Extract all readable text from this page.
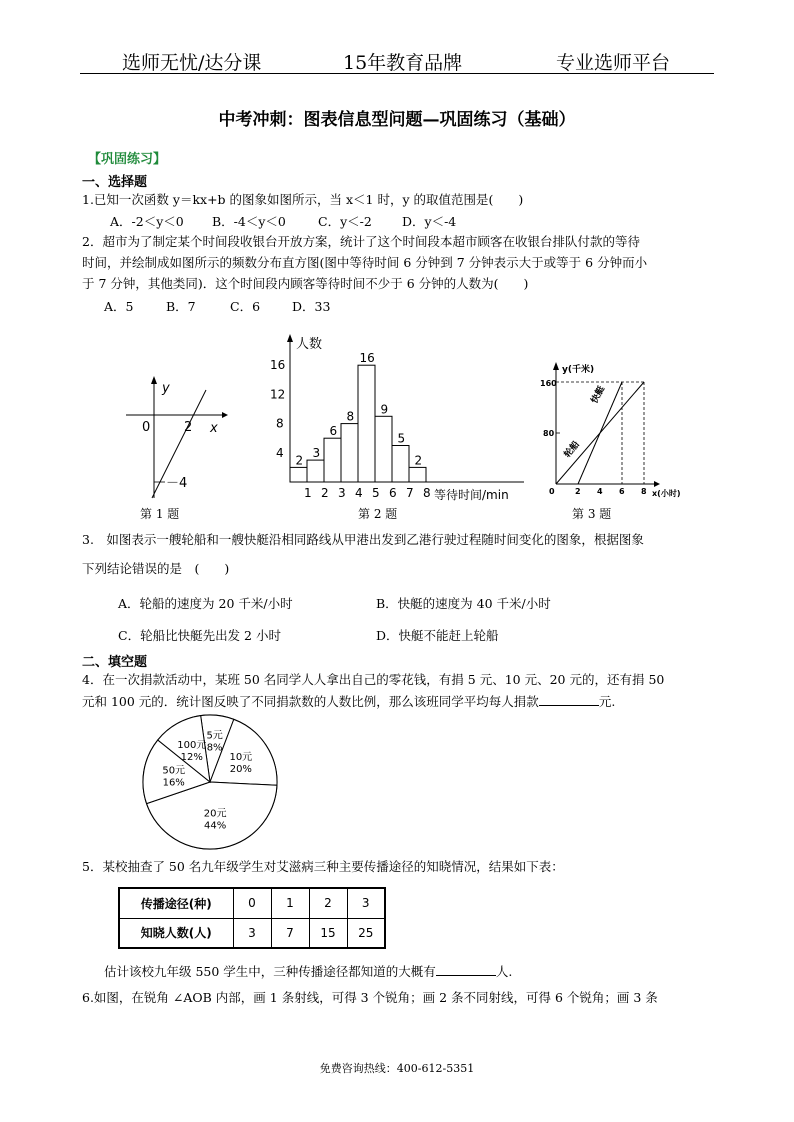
选师无忧/达分课	15年教育品牌	专业选师平台
中考冲刺：图表信息型问题—巩固练习（基础）
【巩固练习】
一、选择题
1.已知一次函数 y＝kx+b 的图象如图所示，当 x＜1 时，y 的取值范围是(　　)
A．-2＜y＜0 B．-4＜y＜0	C．y＜-2 D．y＜-4
2．超市为了制定某个时间段收银台开放方案，统计了这个时间段本超市顾客在收银台排队付款的等待
时间，并绘制成如图所示的频数分布直方图(图中等待时间 6 分钟到 7 分钟表示大于或等于 6 分钟而小
于 7 分钟，其他类同)．这个时间段内顾客等待时间不少于 6 分钟的人数为(　　)
A．5	B．7	C．6	D．33
y
x
0	2
－4
第 1 题
人数
等待时间/min
2
3
6
8
16
9
5
2
1 2 3 4 5 6 7 8
4
8
12
16
第 2 题
y(千米)
x(小时)
160
80
0	2 4 6 8
快艇
轮船
第 3 题
3.　如图表示一艘轮船和一艘快艇沿相同路线从甲港出发到乙港行驶过程随时间变化的图象，根据图象
下列结论错误的是　(　　)
A．轮船的速度为 20 千米/小时	B．快艇的速度为 40 千米/小时
C．轮船比快艇先出发 2 小时	D．快艇不能赶上轮船
二、填空题
4．在一次捐款活动中，某班 50 名同学人人拿出自己的零花钱，有捐 5 元、10 元、20 元的，还有捐 50
元和 100 元的．统计图反映了不同捐款数的人数比例，那么该班同学平均每人捐款	元.
5元
8%
10元
20%
20元
44%
50元
16%
100元
12%
5．某校抽查了 50 名九年级学生对艾滋病三种主要传播途径的知晓情况，结果如下表：
传播途径(种)	0	1	2	3
知晓人数(人)	3	7	15	25
估计该校九年级 550 学生中，三种传播途径都知道的大概有	人.
6.如图，在锐角 ∠AOB 内部，画 1 条射线，可得 3 个锐角；画 2 条不同射线，可得 6 个锐角；画 3 条
免费咨询热线：400-612-5351
